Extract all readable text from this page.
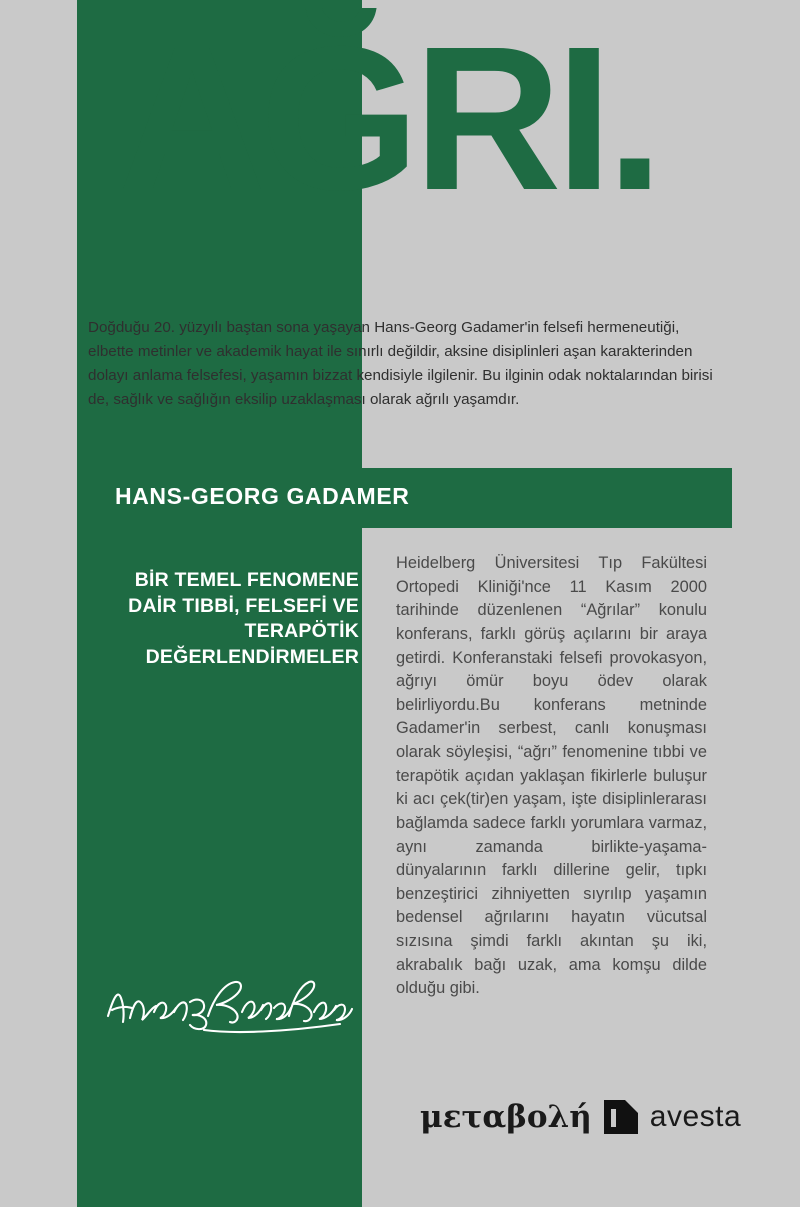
AĞRI.
Doğduğu 20. yüzyılı baştan sona yaşayan Hans-Georg Gadamer'in felsefi hermeneutiği, elbette metinler ve akademik hayat ile sınırlı değildir, aksine disiplinleri aşan karakterinden dolayı anlama felsefesi, yaşamın bizzat kendisiyle ilgilenir. Bu ilginin odak noktalarından birisi de, sağlık ve sağlığın eksilip uzaklaşması olarak ağrılı yaşamdır.
HANS-GEORG GADAMER
BİR TEMEL FENOMENE DAİR TIBBİ, FELSEFİ VE TERAPÖTİK DEĞERLENDİRMELER

Heidelberg Üniversitesi Tıp Fakültesi Ortopedi Kliniği'nce 11 Kasım 2000 tarihinde düzenlenen “Ağrılar” konulu konferans, farklı görüş açılarını bir araya getirdi. Konferanstaki felsefi provokasyon, ağrıyı ömür boyu ödev olarak belirliyordu.Bu konferans metninde Gadamer'in serbest, canlı konuşması olarak söyleşisi, “ağrı” fenomenine tıbbi ve terapötik açıdan yaklaşan fikirlerle buluşur ki acı çek(tir)en yaşam, işte disiplinlerarası bağlamda sadece farklı yorumlara varmaz, aynı zamanda birlikte-yaşama-dünyalarının farklı dillerine gelir, tıpkı benzeştirici zihniyetten sıyrılıp yaşamın bedensel ağrılarını hayatın vücutsal sızısına şimdi farklı akıntan şu iki, akrabalık bağı uzak, ama komşu dilde olduğu gibi.

μεταβολή avesta
